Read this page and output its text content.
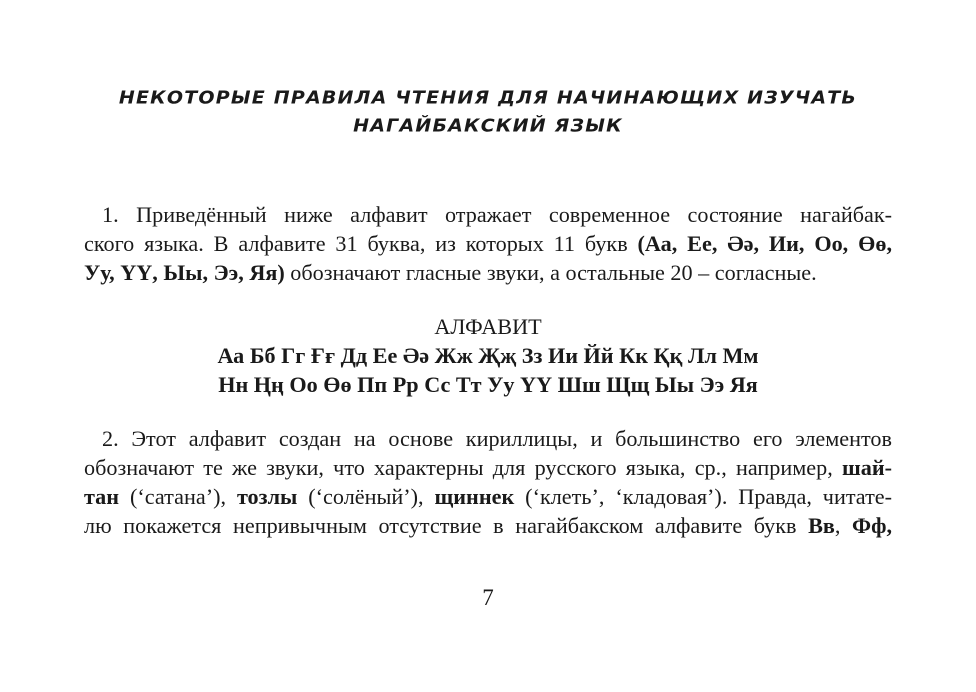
НЕКОТОРЫЕ ПРАВИЛА ЧТЕНИЯ ДЛЯ НАЧИНАЮЩИХ ИЗУЧАТЬ
НАГАЙБАКСКИЙ ЯЗЫК
1. Приведённый ниже алфавит отражает современное состояние нагайбак-
ского языка. В алфавите 31 буква, из которых 11 букв (Аа, Ее, Әә, Ии, Оо, Өө,
Уу, ҮҮ, Ыы, Ээ, Яя) обозначают гласные звуки, а остальные 20 – согласные.
АЛФАВИТ
Аа Бб Гг Ғғ Дд Ее Әә Жж Җҗ Зз Ии Йй Кк Ққ Лл Мм
Нн Ңң Оо Өө Пп Рр Сс Тт Уу ҮҮ Шш Щщ Ыы Ээ Яя
2. Этот алфавит создан на основе кириллицы, и большинство его элементов
обозначают те же звуки, что характерны для русского языка, ср., например, шай-
тан (‘сатана’), тозлы (‘солёный’), щиннек (‘клеть’, ‘кладовая’). Правда, читате-
лю покажется непривычным отсутствие в нагайбакском алфавите букв Вв, Фф,
7
